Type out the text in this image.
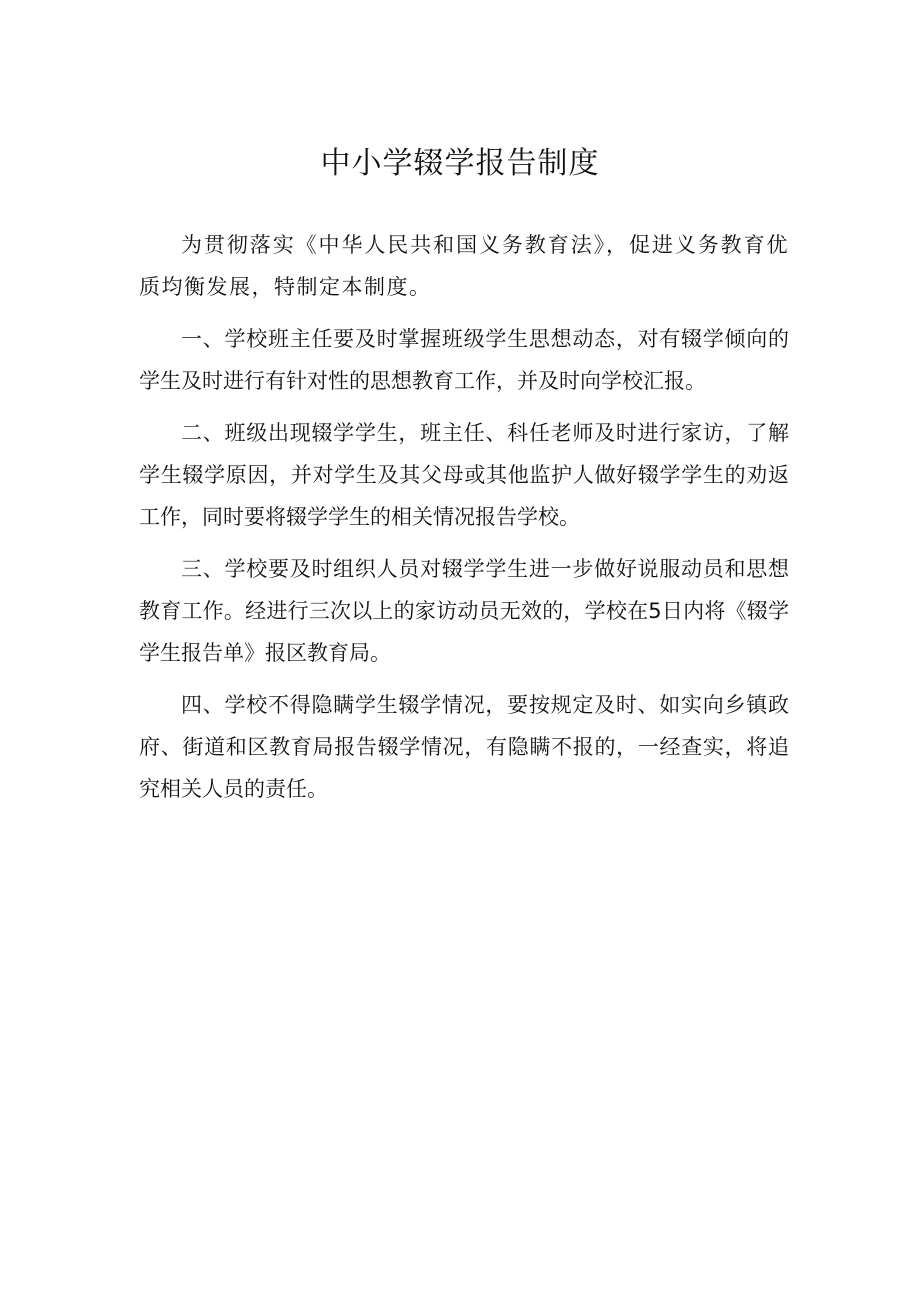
中小学辍学报告制度

为贯彻落实《中华人民共和国义务教育法》，促进义务教育优质均衡发展，特制定本制度。

一、学校班主任要及时掌握班级学生思想动态，对有辍学倾向的学生及时进行有针对性的思想教育工作，并及时向学校汇报。

二、班级出现辍学学生，班主任、科任老师及时进行家访，了解学生辍学原因，并对学生及其父母或其他监护人做好辍学学生的劝返工作，同时要将辍学学生的相关情况报告学校。

三、学校要及时组织人员对辍学学生进一步做好说服动员和思想教育工作。经进行三次以上的家访动员无效的，学校在5日内将《辍学学生报告单》报区教育局。

四、学校不得隐瞒学生辍学情况，要按规定及时、如实向乡镇政府、街道和区教育局报告辍学情况，有隐瞒不报的，一经查实，将追究相关人员的责任。
